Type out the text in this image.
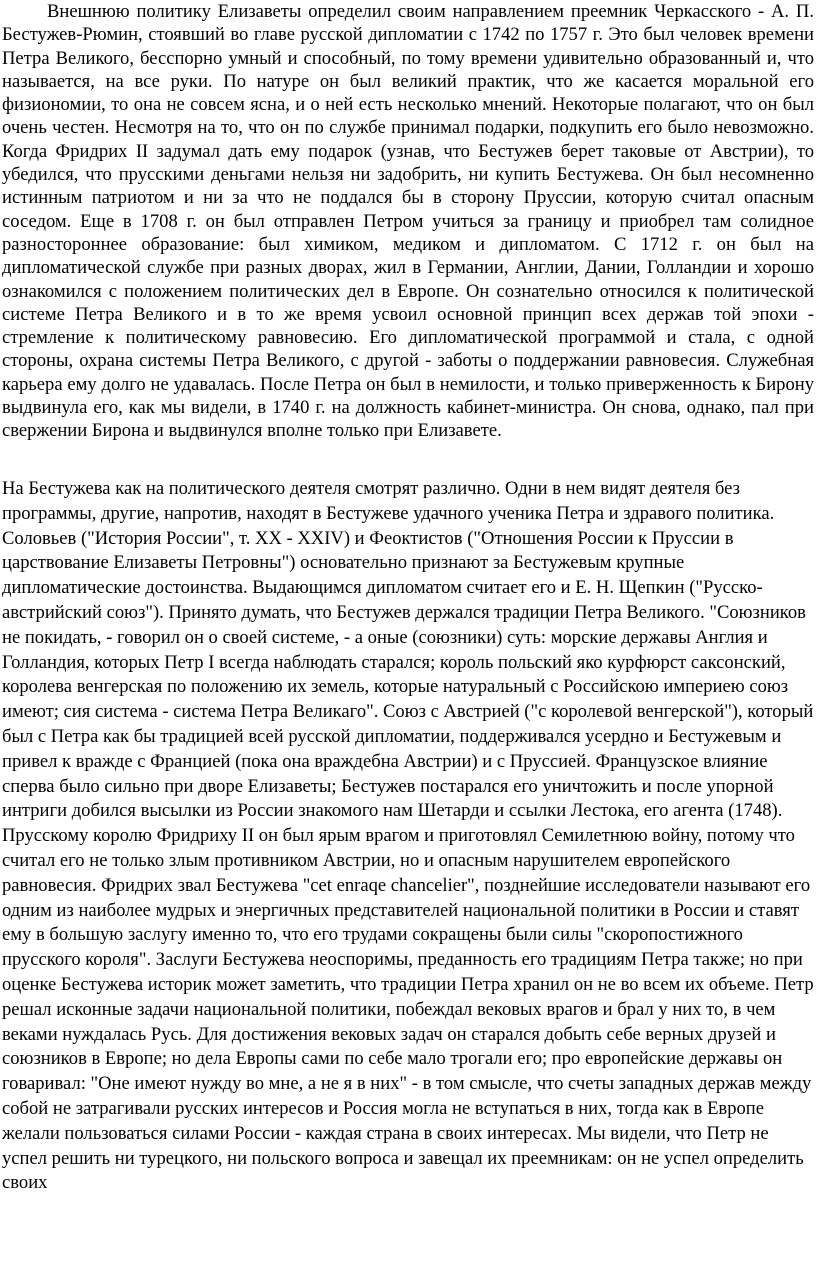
Внешнюю политику Елизаветы определил своим направлением преемник Черкасского - А. П. Бестужев-Рюмин, стоявший во главе русской дипломатии с 1742 по 1757 г. Это был человек времени Петра Великого, бесспорно умный и способный, по тому времени удивительно образованный и, что называется, на все руки. По натуре он был великий практик, что же касается моральной его физиономии, то она не совсем ясна, и о ней есть несколько мнений. Некоторые полагают, что он был очень честен. Несмотря на то, что он по службе принимал подарки, подкупить его было невозможно. Когда Фридрих II задумал дать ему подарок (узнав, что Бестужев берет таковые от Австрии), то убедился, что прусскими деньгами нельзя ни задобрить, ни купить Бестужева. Он был несомненно истинным патриотом и ни за что не поддался бы в сторону Пруссии, которую считал опасным соседом. Еще в 1708 г. он был отправлен Петром учиться за границу и приобрел там солидное разностороннее образование: был химиком, медиком и дипломатом. С 1712 г. он был на дипломатической службе при разных дворах, жил в Германии, Англии, Дании, Голландии и хорошо ознакомился с положением политических дел в Европе. Он сознательно относился к политической системе Петра Великого и в то же время усвоил основной принцип всех держав той эпохи - стремление к политическому равновесию. Его дипломатической программой и стала, с одной стороны, охрана системы Петра Великого, с другой - заботы о поддержании равновесия. Служебная карьера ему долго не удавалась. После Петра он был в немилости, и только приверженность к Бирону выдвинула его, как мы видели, в 1740 г. на должность кабинет-министра. Он снова, однако, пал при свержении Бирона и выдвинулся вполне только при Елизавете.

На Бестужева как на политического деятеля смотрят различно. Одни в нем видят деятеля без программы, другие, напротив, находят в Бестужеве удачного ученика Петра и здравого политика. Соловьев ("История России", т. XX - XXIV) и Феоктистов ("Отношения России к Пруссии в царствование Елизаветы Петровны") основательно признают за Бестужевым крупные дипломатические достоинства. Выдающимся дипломатом считает его и Е. Н. Щепкин ("Русско-австрийский союз"). Принято думать, что Бестужев держался традиции Петра Великого. "Союзников не покидать, - говорил он о своей системе, - а оные (союзники) суть: морские державы Англия и Голландия, которых Петр I всегда наблюдать старался; король польский яко курфюрст саксонский, королева венгерская по положению их земель, которые натуральный с Российскою империею союз имеют; сия система - система Петра Великаго". Союз с Австрией ("с королевой венгерской"), который был с Петра как бы традицией всей русской дипломатии, поддерживался усердно и Бестужевым и привел к вражде с Францией (пока она враждебна Австрии) и с Пруссией. Французское влияние сперва было сильно при дворе Елизаветы; Бестужев постарался его уничтожить и после упорной интриги добился высылки из России знакомого нам Шетарди и ссылки Лестока, его агента (1748). Прусскому королю Фридриху II он был ярым врагом и приготовлял Семилетнюю войну, потому что считал его не только злым противником Австрии, но и опасным нарушителем европейского равновесия. Фридрих звал Бестужева "cet enraqe chancelier", позднейшие исследователи называют его одним из наиболее мудрых и энергичных представителей национальной политики в России и ставят ему в большую заслугу именно то, что его трудами сокращены были силы "скоропостижного прусского короля". Заслуги Бестужева неоспоримы, преданность его традициям Петра также; но при оценке Бестужева историк может заметить, что традиции Петра хранил он не во всем их объеме. Петр решал исконные задачи национальной политики, побеждал вековых врагов и брал у них то, в чем веками нуждалась Русь. Для достижения вековых задач он старался добыть себе верных друзей и союзников в Европе; но дела Европы сами по себе мало трогали его; про европейские державы он говаривал: "Оне имеют нужду во мне, а не я в них" - в том смысле, что счеты западных держав между собой не затрагивали русских интересов и Россия могла не вступаться в них, тогда как в Европе желали пользоваться силами России - каждая страна в своих интересах. Мы видели, что Петр не успел решить ни турецкого, ни польского вопроса и завещал их преемникам: он не успел определить своих
